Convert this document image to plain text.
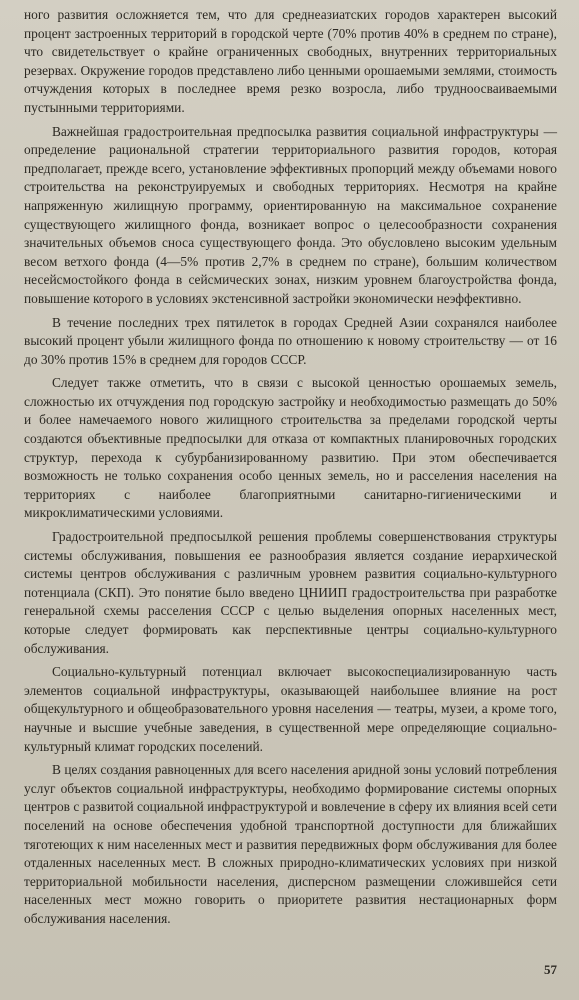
ного развития осложняется тем, что для среднеазиатских городов характерен высокий процент застроенных территорий в городской черте (70% против 40% в среднем по стране), что свидетельствует о крайне ограниченных свободных, внутренних территориальных резервах. Окружение городов представлено либо ценными орошаемыми землями, стоимость отчуждения которых в последнее время резко возросла, либо трудноосваиваемыми пустынными территориями.

Важнейшая градостроительная предпосылка развития социальной инфраструктуры — определение рациональной стратегии территориального развития городов, которая предполагает, прежде всего, установление эффективных пропорций между объемами нового строительства на реконструируемых и свободных территориях. Несмотря на крайне напряженную жилищную программу, ориентированную на максимальное сохранение существующего жилищного фонда, возникает вопрос о целесообразности сохранения значительных объемов сноса существующего фонда. Это обусловлено высоким удельным весом ветхого фонда (4—5% против 2,7% в среднем по стране), большим количеством несейсмостойкого фонда в сейсмических зонах, низким уровнем благоустройства фонда, повышение которого в условиях экстенсивной застройки экономически неэффективно.

В течение последних трех пятилеток в городах Средней Азии сохранялся наиболее высокий процент убыли жилищного фонда по отношению к новому строительству — от 16 до 30% против 15% в среднем для городов СССР.

Следует также отметить, что в связи с высокой ценностью орошаемых земель, сложностью их отчуждения под городскую застройку и необходимостью размещать до 50% и более намечаемого нового жилищного строительства за пределами городской черты создаются объективные предпосылки для отказа от компактных планировочных городских структур, перехода к субурбанизированному развитию. При этом обеспечивается возможность не только сохранения особо ценных земель, но и расселения населения на территориях с наиболее благоприятными санитарно-гигиеническими и микроклиматическими условиями.

Градостроительной предпосылкой решения проблемы совершенствования структуры системы обслуживания, повышения ее разнообразия является создание иерархической системы центров обслуживания с различным уровнем развития социально-культурного потенциала (СКП). Это понятие было введено ЦНИИП градостроительства при разработке генеральной схемы расселения СССР с целью выделения опорных населенных мест, которые следует формировать как перспективные центры социально-культурного обслуживания.

Социально-культурный потенциал включает высокоспециализированную часть элементов социальной инфраструктуры, оказывающей наибольшее влияние на рост общекультурного и общеобразовательного уровня населения — театры, музеи, а кроме того, научные и высшие учебные заведения, в существенной мере определяющие социально-культурный климат городских поселений.

В целях создания равноценных для всего населения аридной зоны условий потребления услуг объектов социальной инфраструктуры, необходимо формирование системы опорных центров с развитой социальной инфраструктурой и вовлечение в сферу их влияния всей сети поселений на основе обеспечения удобной транспортной доступности для ближайших тяготеющих к ним населенных мест и развития передвижных форм обслуживания для более отдаленных населенных мест. В сложных природно-климатических условиях при низкой территориальной мобильности населения, дисперсном размещении сложившейся сети населенных мест можно говорить о приоритете развития нестационарных форм обслуживания населения.

57
